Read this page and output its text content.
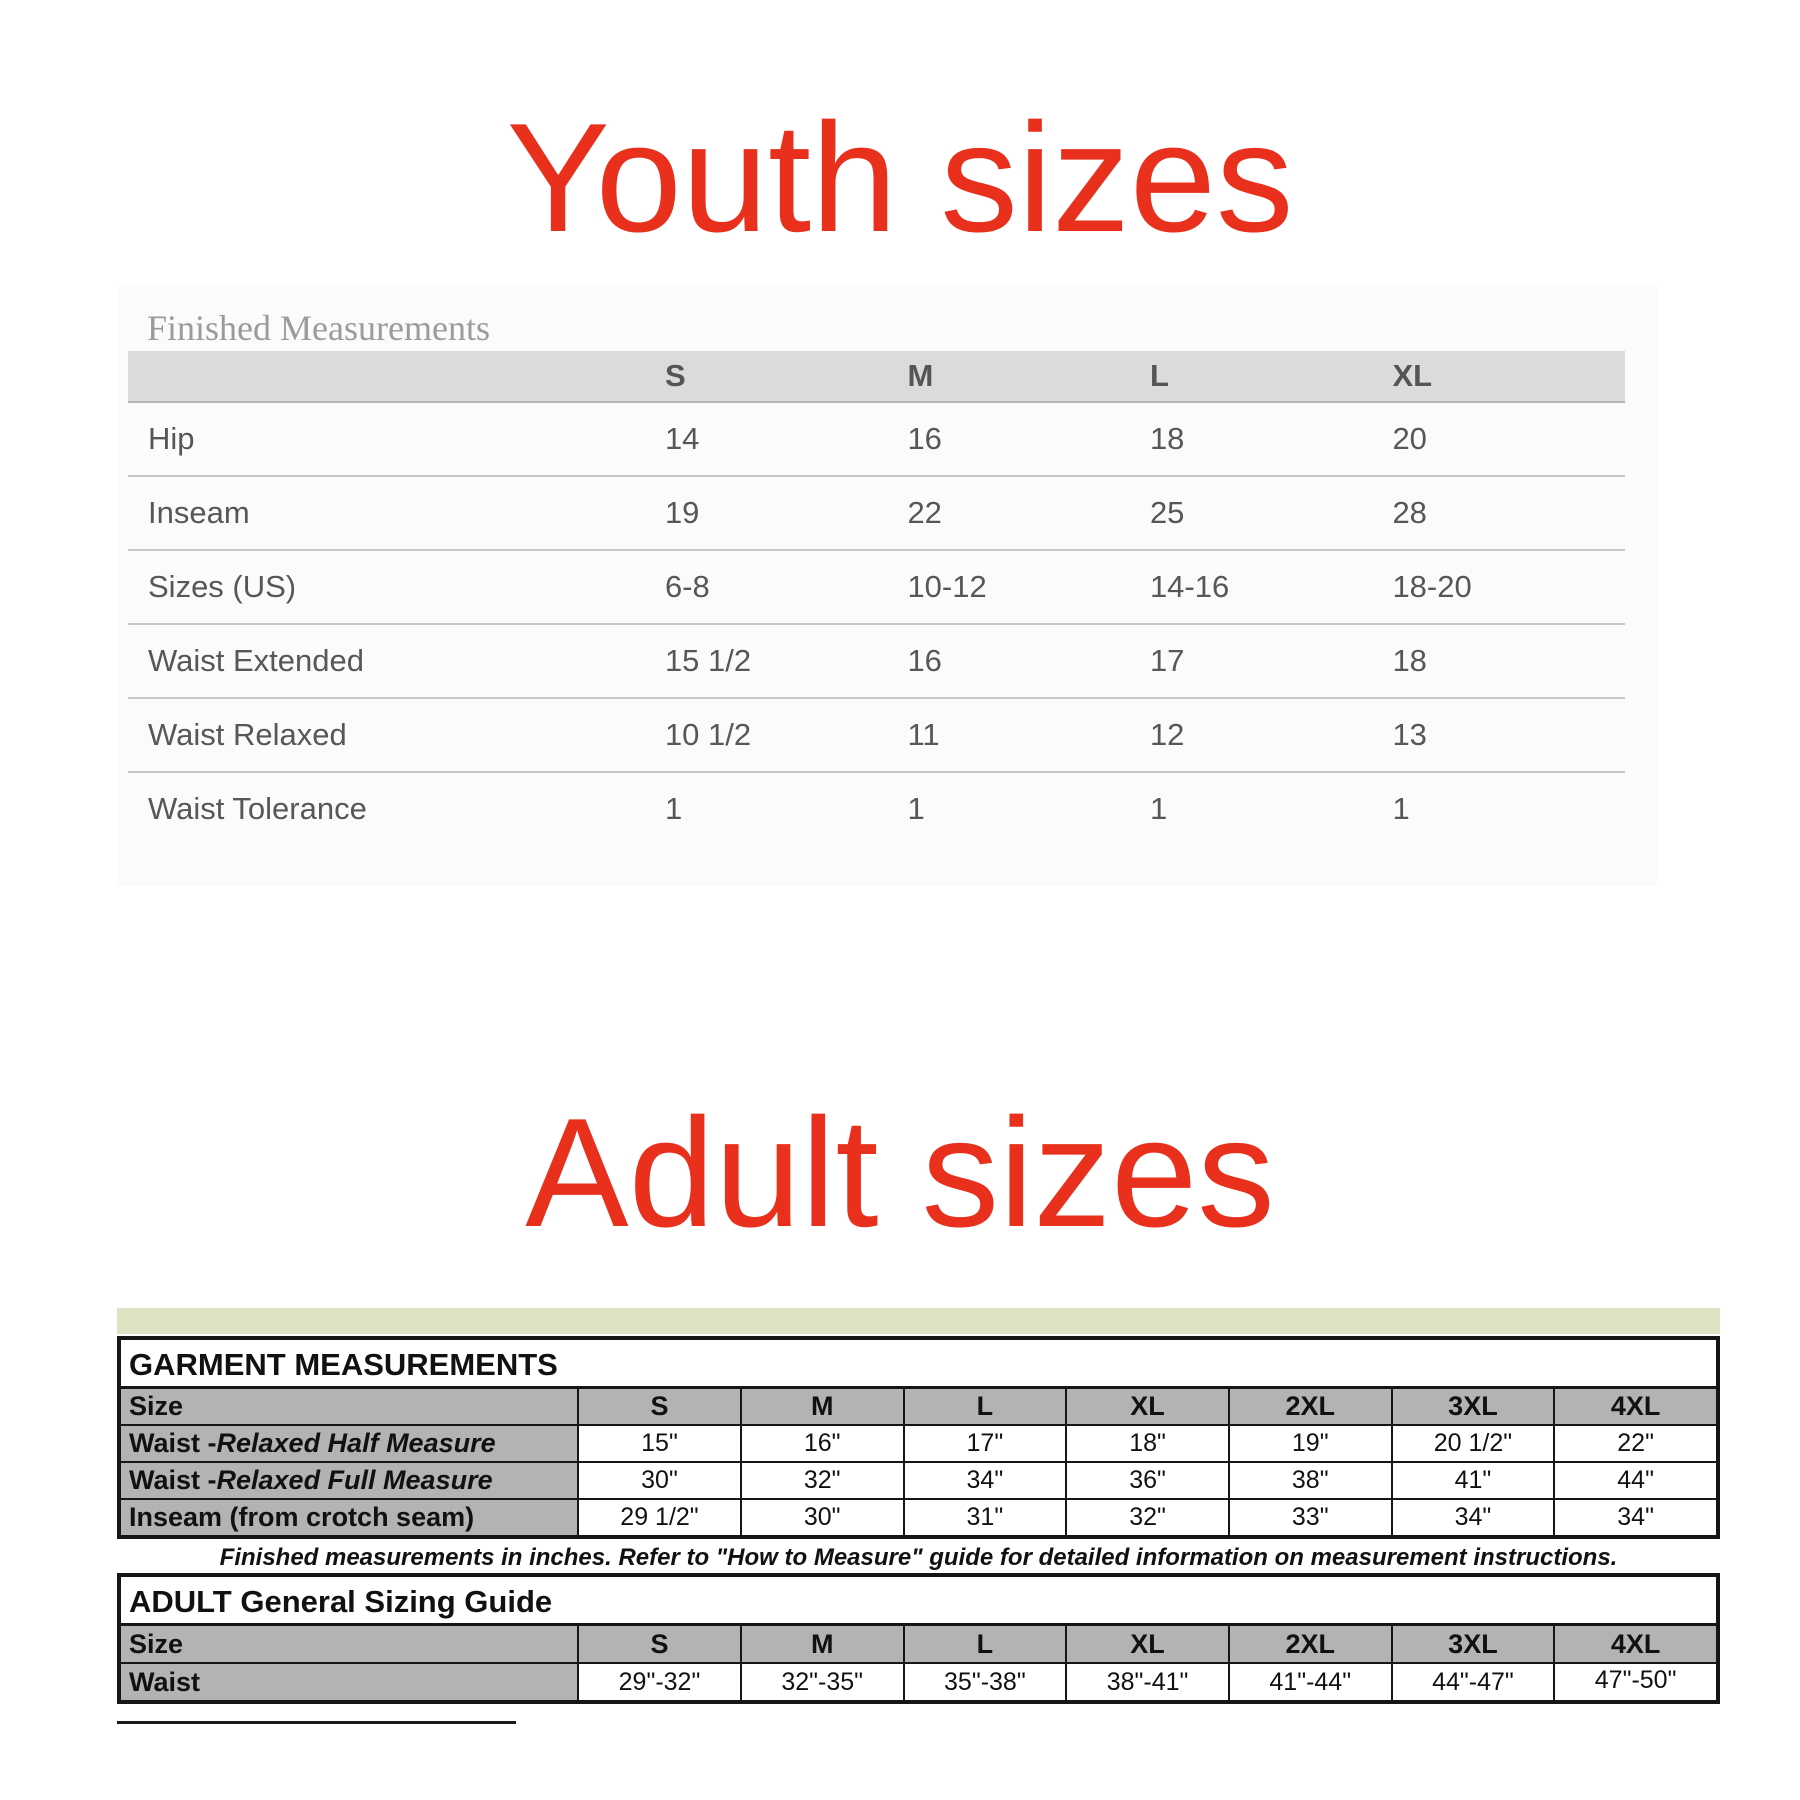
Youth sizes
Finished Measurements
S	M	L	XL
Hip	14	16	18	20
Inseam	19	22	25	28
Sizes (US)	6-8	10-12	14-16	18-20
Waist Extended	15 1/2	16	17	18
Waist Relaxed	10 1/2	11	12	13
Waist Tolerance	1	1	1	1
Adult sizes
GARMENT MEASUREMENTS
Size	S	M	L	XL	2XL	3XL	4XL
Waist - Relaxed Half Measure	15"	16"	17"	18"	19"	20 1/2"	22"
Waist - Relaxed Full Measure	30"	32"	34"	36"	38"	41"	44"
Inseam (from crotch seam)	29 1/2"	30"	31"	32"	33"	34"	34"
Finished measurements in inches. Refer to "How to Measure" guide for detailed information on measurement instructions.
ADULT General Sizing Guide
Size	S	M	L	XL	2XL	3XL	4XL
Waist	29"-32"	32"-35"	35"-38"	38"-41"	41"-44"	44"-47"	47"-50"
